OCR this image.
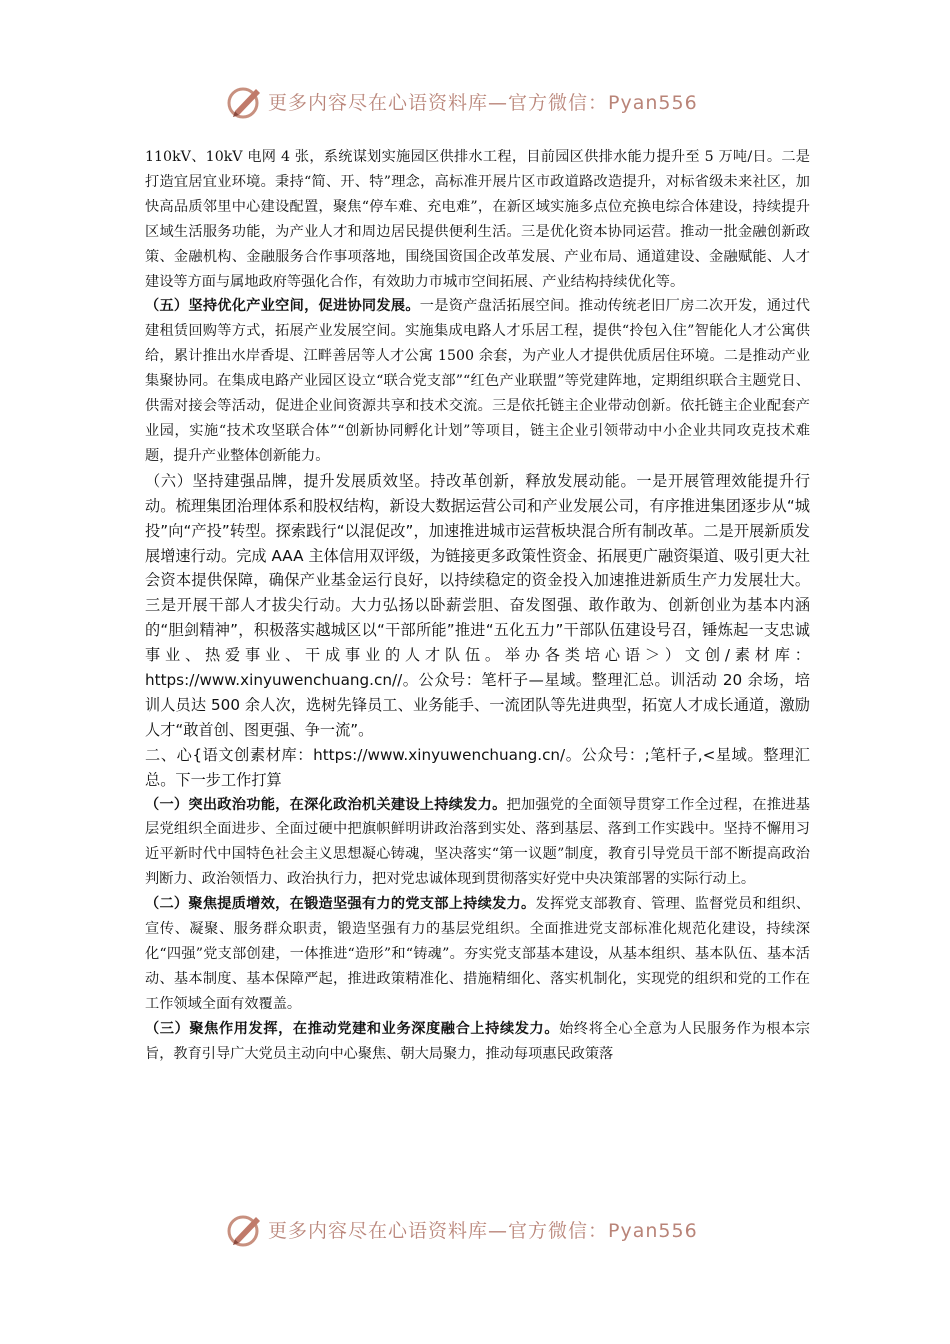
更多内容尽在心语资料库—官方微信：Pyan556

110kV、10kV 电网 4 张，系统谋划实施园区供排水工程，目前园区供排水能力提升至 5 万吨/日。二是打造宜居宜业环境。秉持“简、开、特”理念，高标准开展片区市政道路改造提升，对标省级未来社区，加快高品质邻里中心建设配置，聚焦“停车难、充电难”，在新区域实施多点位充换电综合体建设，持续提升区域生活服务功能，为产业人才和周边居民提供便利生活。三是优化资本协同运营。推动一批金融创新政策、金融机构、金融服务合作事项落地，围绕国资国企改革发展、产业布局、通道建设、金融赋能、人才建设等方面与属地政府等强化合作，有效助力市城市空间拓展、产业结构持续优化等。

（五）坚持优化产业空间，促进协同发展。一是资产盘活拓展空间。推动传统老旧厂房二次开发，通过代建租赁回购等方式，拓展产业发展空间。实施集成电路人才乐居工程，提供“拎包入住”智能化人才公寓供给，累计推出水岸香堤、江畔善居等人才公寓 1500 余套，为产业人才提供优质居住环境。二是推动产业集聚协同。在集成电路产业园区设立“联合党支部”“红色产业联盟”等党建阵地，定期组织联合主题党日、供需对接会等活动，促进企业间资源共享和技术交流。三是依托链主企业带动创新。依托链主企业配套产业园，实施“技术攻坚联合体”“创新协同孵化计划”等项目，链主企业引领带动中小企业共同攻克技术难题，提升产业整体创新能力。

（六）坚持建强品牌，提升发展质效坚。持改革创新，释放发展动能。一是开展管理效能提升行动。梳理集团治理体系和股权结构，新设大数据运营公司和产业发展公司，有序推进集团逐步从“城投”向“产投”转型。探索践行“以混促改”，加速推进城市运营板块混合所有制改革。二是开展新质发展增速行动。完成 AAA 主体信用双评级，为链接更多政策性资金、拓展更广融资渠道、吸引更大社会资本提供保障，确保产业基金运行良好，以持续稳定的资金投入加速推进新质生产力发展壮大。三是开展干部人才拔尖行动。大力弘扬以卧薪尝胆、奋发图强、敢作敢为、创新创业为基本内涵的“胆剑精神”，积极落实越城区以“干部所能”推进“五化五力”干部队伍建设号召，锤炼起一支忠诚事业、热爱事业、干成事业的人才队伍。举办各类培心语＞）文创/素材库：https://www.xinyuwenchuang.cn//。公众号：笔杆子—星域。整理汇总。训活动 20 余场，培训人员达 500 余人次，选树先锋员工、业务能手、一流团队等先进典型，拓宽人才成长通道，激励人才“敢首创、图更强、争一流”。

二、心{语文创素材库：https://www.xinyuwenchuang.cn/。公众号：;笔杆子,<星域。整理汇总。下一步工作打算

（一）突出政治功能，在深化政治机关建设上持续发力。把加强党的全面领导贯穿工作全过程，在推进基层党组织全面进步、全面过硬中把旗帜鲜明讲政治落到实处、落到基层、落到工作实践中。坚持不懈用习近平新时代中国特色社会主义思想凝心铸魂，坚决落实“第一议题”制度，教育引导党员干部不断提高政治判断力、政治领悟力、政治执行力，把对党忠诚体现到贯彻落实好党中央决策部署的实际行动上。

（二）聚焦提质增效，在锻造坚强有力的党支部上持续发力。发挥党支部教育、管理、监督党员和组织、宣传、凝聚、服务群众职责，锻造坚强有力的基层党组织。全面推进党支部标准化规范化建设，持续深化“四强”党支部创建，一体推进“造形”和“铸魂”。夯实党支部基本建设，从基本组织、基本队伍、基本活动、基本制度、基本保障严起，推进政策精准化、措施精细化、落实机制化，实现党的组织和党的工作在工作领域全面有效覆盖。

（三）聚焦作用发挥，在推动党建和业务深度融合上持续发力。始终将全心全意为人民服务作为根本宗旨，教育引导广大党员主动向中心聚焦、朝大局聚力，推动每项惠民政策落

更多内容尽在心语资料库—官方微信：Pyan556
